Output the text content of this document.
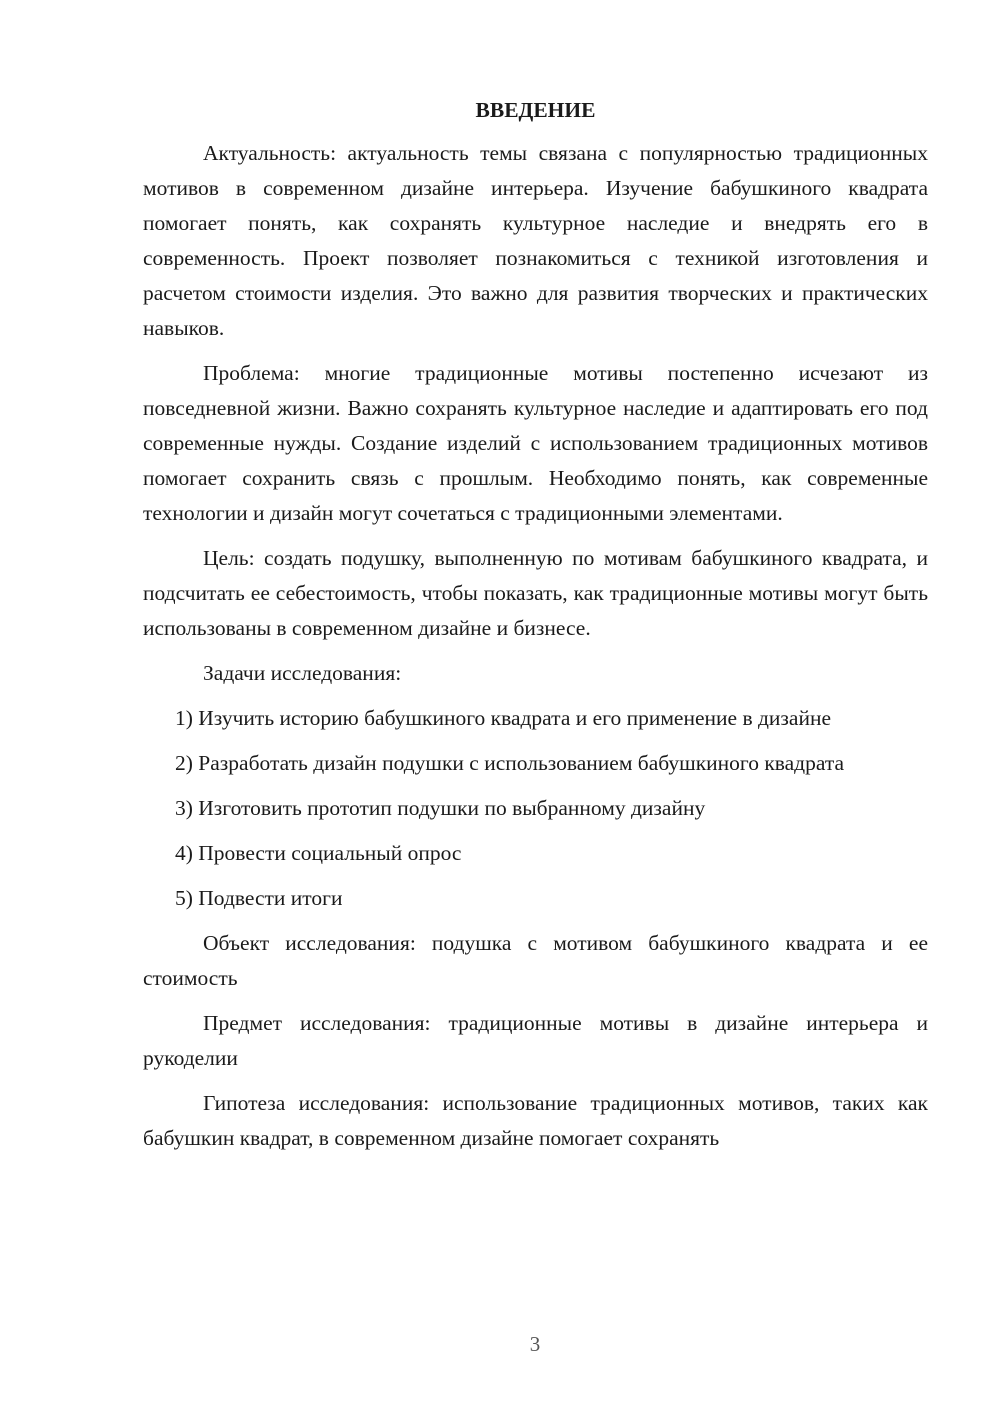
ВВЕДЕНИЕ

Актуальность: актуальность темы связана с популярностью традиционных мотивов в современном дизайне интерьера. Изучение бабушкиного квадрата помогает понять, как сохранять культурное наследие и внедрять его в современность. Проект позволяет познакомиться с техникой изготовления и расчетом стоимости изделия. Это важно для развития творческих и практических навыков.

Проблема: многие традиционные мотивы постепенно исчезают из повседневной жизни. Важно сохранять культурное наследие и адаптировать его под современные нужды. Создание изделий с использованием традиционных мотивов помогает сохранить связь с прошлым. Необходимо понять, как современные технологии и дизайн могут сочетаться с традиционными элементами.

Цель: создать подушку, выполненную по мотивам бабушкиного квадрата, и подсчитать ее себестоимость, чтобы показать, как традиционные мотивы могут быть использованы в современном дизайне и бизнесе.

Задачи исследования:

1) Изучить историю бабушкиного квадрата и его применение в дизайне

2) Разработать дизайн подушки с использованием бабушкиного квадрата

3) Изготовить прототип подушки по выбранному дизайну

4) Провести социальный опрос

5) Подвести итоги

Объект исследования: подушка с мотивом бабушкиного квадрата и ее стоимость

Предмет исследования: традиционные мотивы в дизайне интерьера и рукоделии

Гипотеза исследования: использование традиционных мотивов, таких как бабушкин квадрат, в современном дизайне помогает сохранять

3
